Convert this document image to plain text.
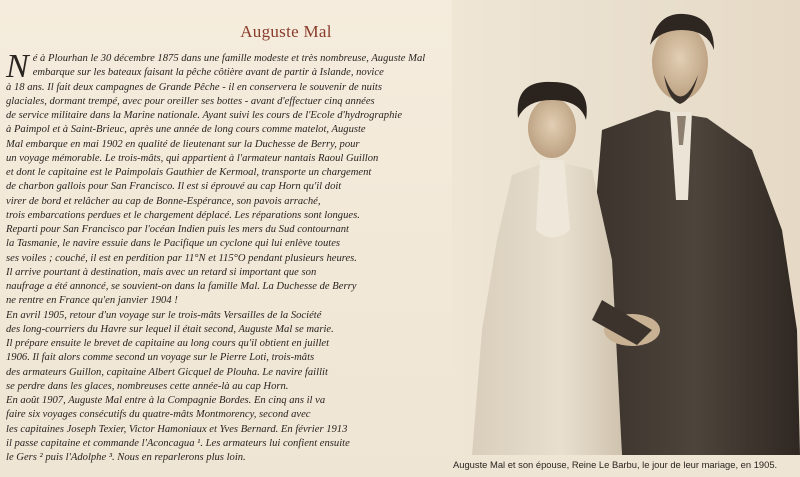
Auguste Mal
N é à Plourhan le 30 décembre 1875 dans une famille modeste et très nombreuse, Auguste Mal
embarque sur les bateaux faisant la pêche côtière avant de partir à Islande, novice
à 18 ans. Il fait deux campagnes de Grande Pêche - il en conservera le souvenir de nuits
glaciales, dormant trempé, avec pour oreiller ses bottes - avant d'effectuer cinq années
de service militaire dans la Marine nationale. Ayant suivi les cours de l'Ecole d'hydrographie
à Paimpol et à Saint-Brieuc, après une année de long cours comme matelot, Auguste
Mal embarque en mai 1902 en qualité de lieutenant sur la Duchesse de Berry, pour
un voyage mémorable. Le trois-mâts, qui appartient à l'armateur nantais Raoul Guillon
et dont le capitaine est le Paimpolais Gauthier de Kermoal, transporte un chargement
de charbon gallois pour San Francisco. Il est si éprouvé au cap Horn qu'il doit
virer de bord et relâcher au cap de Bonne-Espérance, son pavois arraché,
trois embarcations perdues et le chargement déplacé. Les réparations sont longues.
Reparti pour San Francisco par l'océan Indien puis les mers du Sud contournant
la Tasmanie, le navire essuie dans le Pacifique un cyclone qui lui enlève toutes
ses voiles ; couché, il est en perdition par 11°N et 115°O pendant plusieurs heures.
Il arrive pourtant à destination, mais avec un retard si important que son
naufrage a été annoncé, se souvient-on dans la famille Mal. La Duchesse de Berry
ne rentre en France qu'en janvier 1904 !
En avril 1905, retour d'un voyage sur le trois-mâts Versailles de la Société
des long-courriers du Havre sur lequel il était second, Auguste Mal se marie.
Il prépare ensuite le brevet de capitaine au long cours qu'il obtient en juillet
1906. Il fait alors comme second un voyage sur le Pierre Loti, trois-mâts
des armateurs Guillon, capitaine Albert Gicquel de Plouha. Le navire faillit
se perdre dans les glaces, nombreuses cette année-là au cap Horn.
En août 1907, Auguste Mal entre à la Compagnie Bordes. En cinq ans il va
faire six voyages consécutifs du quatre-mâts Montmorency, second avec
les capitaines Joseph Texier, Victor Hamoniaux et Yves Bernard. En février 1913
il passe capitaine et commande l'Aconcagua ¹. Les armateurs lui confient ensuite
le Gers ² puis l'Adolphe ³. Nous en reparlerons plus loin.
Auguste Mal et son épouse, Reine Le Barbu, le jour de leur mariage, en 1905.
